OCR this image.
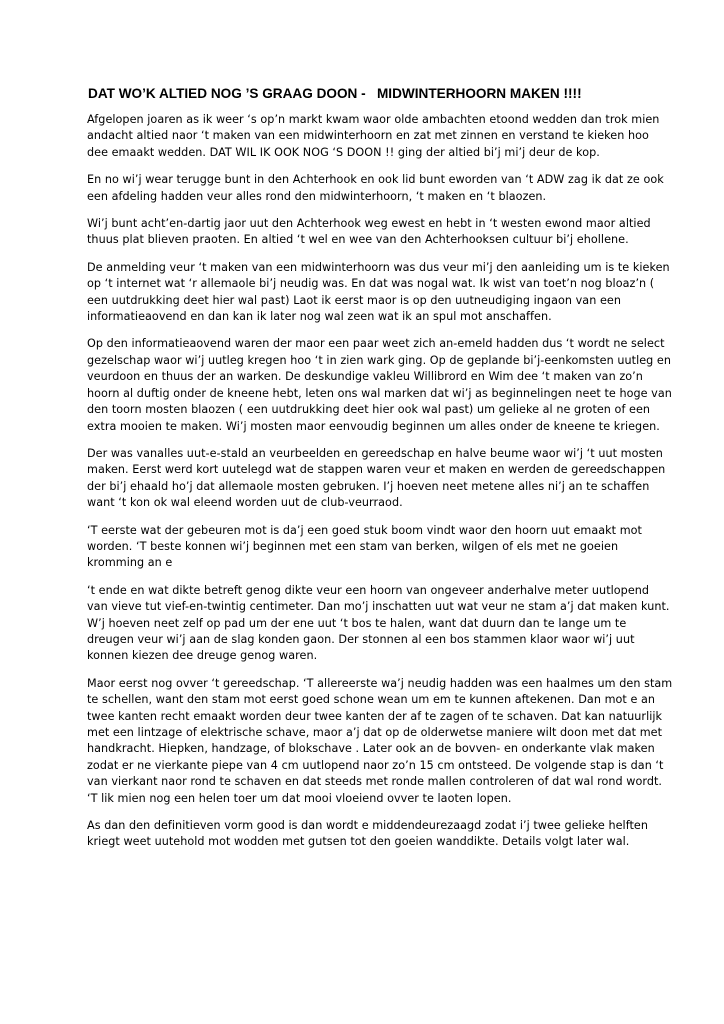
DAT WO’K ALTIED NOG ’S GRAAG DOON -   MIDWINTERHOORN MAKEN !!!!

Afgelopen joaren as ik weer ‘s op’n markt kwam waor olde ambachten etoond wedden dan trok mien andacht altied naor ‘t maken van een midwinterhoorn en zat met zinnen en verstand te kieken hoo dee emaakt wedden. DAT WIL IK OOK NOG ‘S DOON !! ging der altied bi’j mi’j deur de kop.

En no wi’j wear terugge bunt in den Achterhook en ook lid bunt eworden van ‘t ADW zag ik dat ze ook een afdeling hadden veur alles rond den midwinterhoorn, ‘t maken en ‘t blaozen.

Wi’j bunt acht’en-dartig jaor uut den Achterhook weg ewest en hebt in ‘t westen ewond maor altied thuus plat blieven praoten. En altied ‘t wel en wee van den Achterhooksen cultuur bi’j ehollene.

De anmelding veur ‘t maken van een midwinterhoorn was dus veur mi’j den aanleiding um is te kieken op ‘t internet wat ‘r allemaole bi’j neudig was. En dat was nogal wat. Ik wist van toet’n nog bloaz’n ( een uutdrukking deet hier wal past) Laot ik eerst maor is op den uutneudiging ingaon van een informatieaovend en dan kan ik later nog wal zeen wat ik an spul mot anschaffen.

Op den informatieaovend waren der maor een paar weet zich an-emeld hadden dus ‘t wordt ne select gezelschap waor wi’j uutleg kregen hoo ‘t in zien wark ging. Op de geplande bi’j-eenkomsten uutleg en veurdoon en thuus der an warken. De deskundige vakleu Willibrord en Wim dee ‘t maken van zo’n hoorn al duftig onder de kneene hebt, leten ons wal marken dat wi’j as beginnelingen neet te hoge van den toorn mosten blaozen ( een uutdrukking deet hier ook wal past) um gelieke al ne groten of een extra mooien te maken. Wi’j mosten maor eenvoudig beginnen um alles onder de kneene te kriegen.

Der was vanalles uut-e-stald an veurbeelden en gereedschap en halve beume waor wi’j ‘t uut mosten maken. Eerst werd kort uutelegd wat de stappen waren veur et maken en werden de gereedschappen der bi’j ehaald ho’j dat allemaole mosten gebruken. I’j hoeven neet metene alles ni’j an te schaffen want ‘t kon ok wal eleend worden uut de club-veurraod.

‘T eerste wat der gebeuren mot is da’j een goed stuk boom vindt waor den hoorn uut emaakt mot worden. ‘T beste konnen wi’j beginnen met een stam van berken, wilgen of els met ne goeien kromming an e

‘t ende en wat dikte betreft genog dikte veur een hoorn van ongeveer anderhalve meter uutlopend van vieve tut vief-en-twintig centimeter. Dan mo’j inschatten uut wat veur ne stam a’j dat maken kunt. W’j hoeven neet zelf op pad um der ene uut ‘t bos te halen, want dat duurn dan te lange um te dreugen veur wi’j aan de slag konden gaon. Der stonnen al een bos stammen klaor waor wi’j uut konnen kiezen dee dreuge genog waren.

Maor eerst nog ovver ‘t gereedschap. ‘T allereerste wa’j neudig hadden was een haalmes um den stam te schellen, want den stam mot eerst goed schone wean um em te kunnen aftekenen. Dan mot e an twee kanten recht emaakt worden deur twee kanten der af te zagen of te schaven. Dat kan natuurlijk met een lintzage of elektrische schave, maor a’j dat op de olderwetse maniere wilt doon met dat met handkracht. Hiepken, handzage, of blokschave . Later ook an de bovven- en onderkante vlak maken zodat er ne vierkante piepe van 4 cm uutlopend naor zo’n 15 cm ontsteed. De volgende stap is dan ‘t van vierkant naor rond te schaven en dat steeds met ronde mallen controleren of dat wal rond wordt. ‘T lik mien nog een helen toer um dat mooi vloeiend ovver te laoten lopen.

As dan den definitieven vorm good is dan wordt e middendeurezaagd zodat i’j twee gelieke helften kriegt weet uutehold mot wodden met gutsen tot den goeien wanddikte. Details volgt later wal.
